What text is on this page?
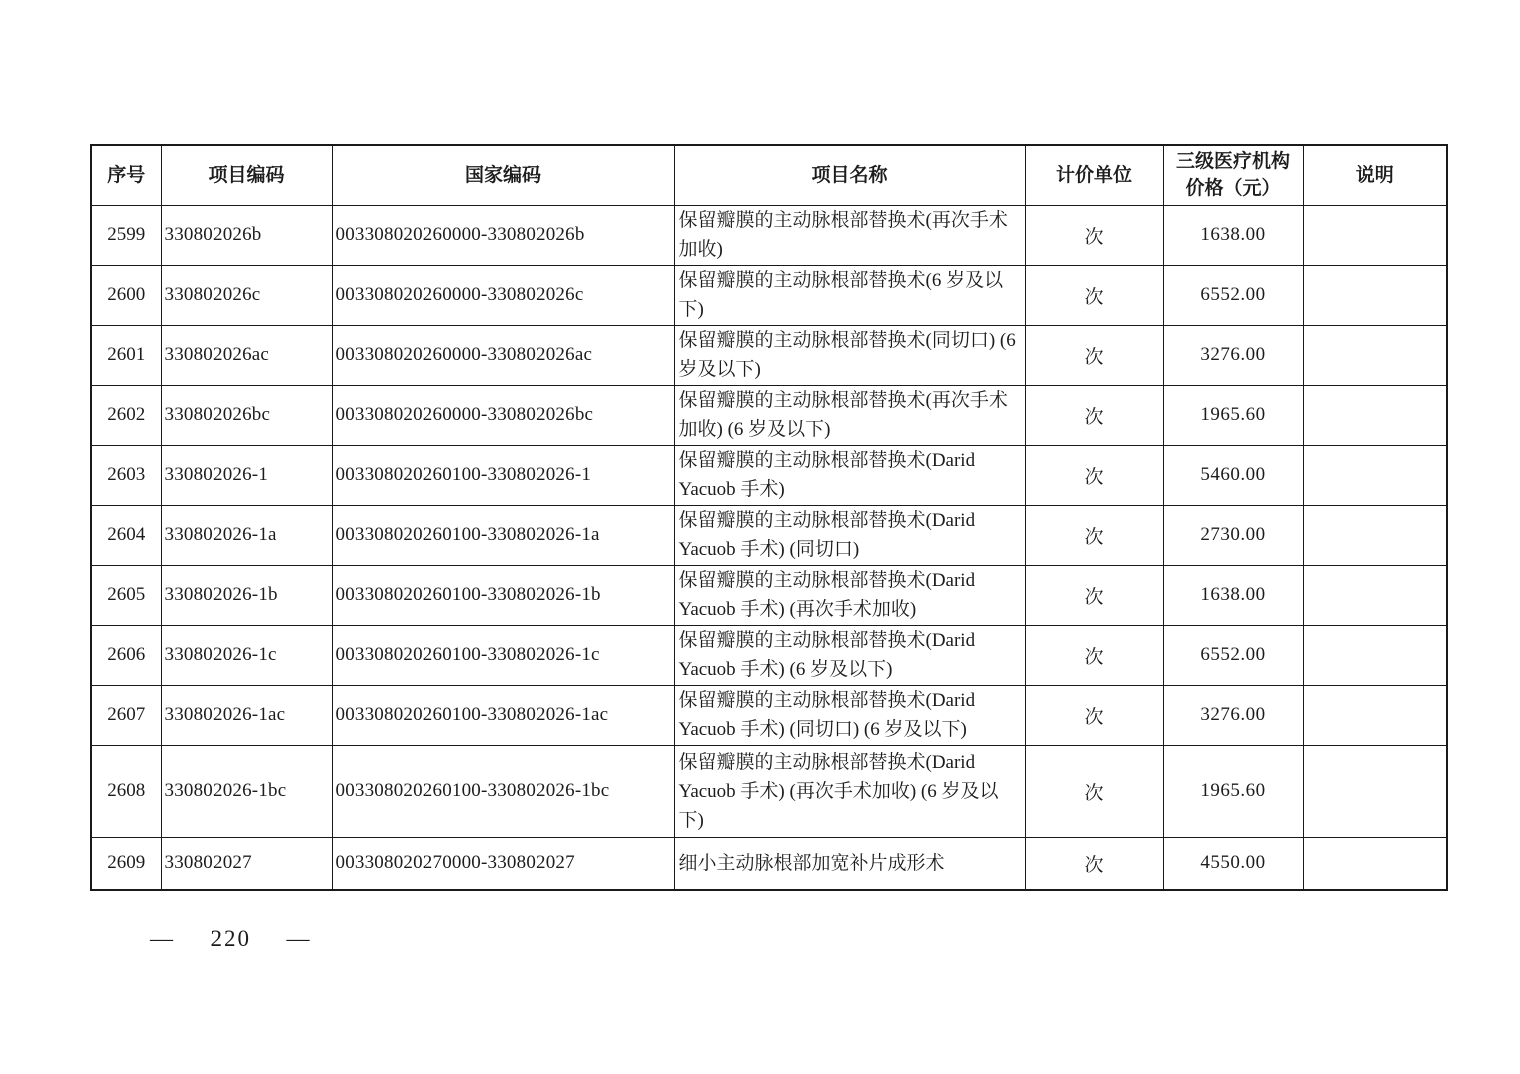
序号	项目编码	国家编码	项目名称	计价单位	三级医疗机构价格（元）	说明
2599	330802026b	003308020260000-330802026b	保留瓣膜的主动脉根部替换术(再次手术加收)	次	1638.00	
2600	330802026c	003308020260000-330802026c	保留瓣膜的主动脉根部替换术(6 岁及以下)	次	6552.00	
2601	330802026ac	003308020260000-330802026ac	保留瓣膜的主动脉根部替换术(同切口) (6 岁及以下)	次	3276.00	
2602	330802026bc	003308020260000-330802026bc	保留瓣膜的主动脉根部替换术(再次手术加收) (6 岁及以下)	次	1965.60	
2603	330802026-1	003308020260100-330802026-1	保留瓣膜的主动脉根部替换术(Darid Yacuob 手术)	次	5460.00	
2604	330802026-1a	003308020260100-330802026-1a	保留瓣膜的主动脉根部替换术(Darid Yacuob 手术) (同切口)	次	2730.00	
2605	330802026-1b	003308020260100-330802026-1b	保留瓣膜的主动脉根部替换术(Darid Yacuob 手术) (再次手术加收)	次	1638.00	
2606	330802026-1c	003308020260100-330802026-1c	保留瓣膜的主动脉根部替换术(Darid Yacuob 手术) (6 岁及以下)	次	6552.00	
2607	330802026-1ac	003308020260100-330802026-1ac	保留瓣膜的主动脉根部替换术(Darid Yacuob 手术) (同切口) (6 岁及以下)	次	3276.00	
2608	330802026-1bc	003308020260100-330802026-1bc	保留瓣膜的主动脉根部替换术(Darid Yacuob 手术) (再次手术加收) (6 岁及以下)	次	1965.60	
2609	330802027	003308020270000-330802027	细小主动脉根部加宽补片成形术	次	4550.00	
—  220  —
